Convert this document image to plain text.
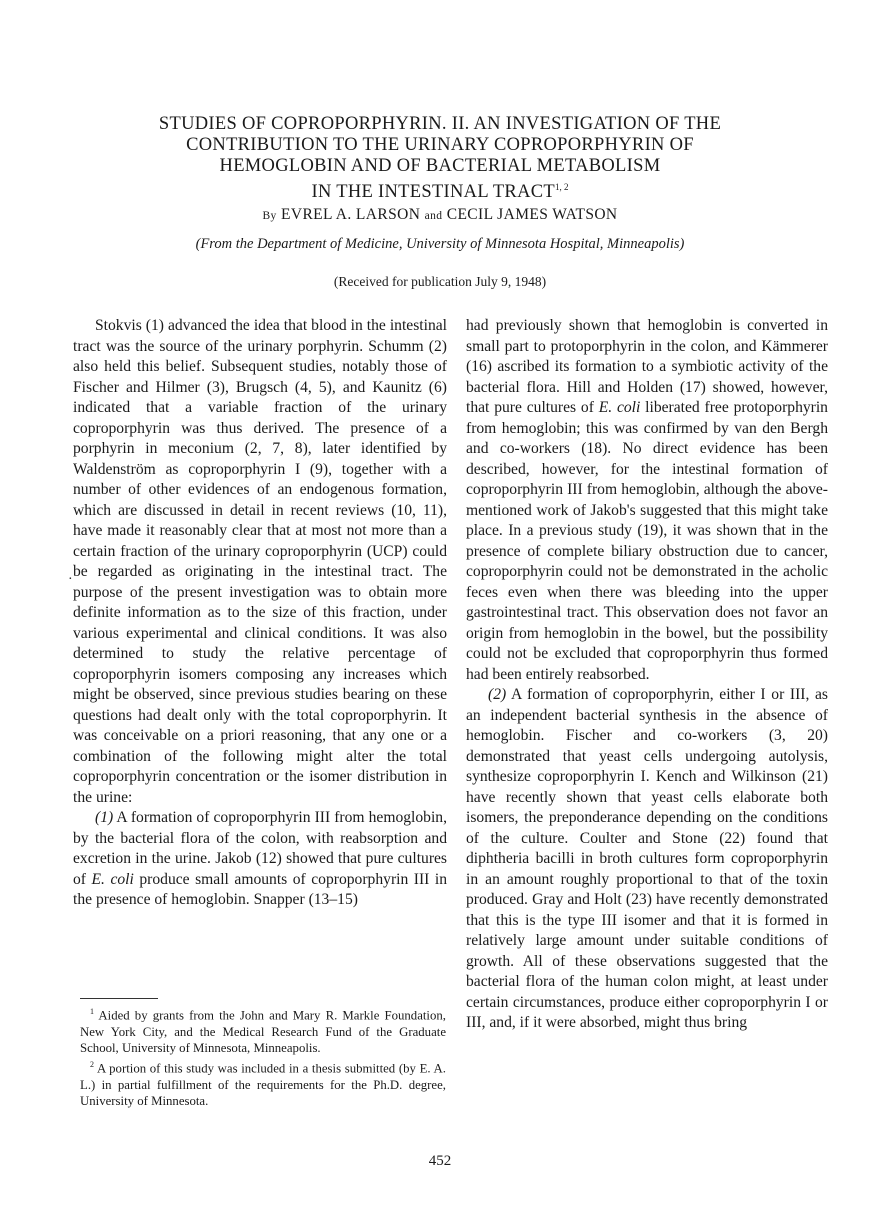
STUDIES OF COPROPORPHYRIN. II. AN INVESTIGATION OF THE
CONTRIBUTION TO THE URINARY COPROPORPHYRIN OF
HEMOGLOBIN AND OF BACTERIAL METABOLISM
IN THE INTESTINAL TRACT$^{1, 2}$
By EVREL A. LARSON and CECIL JAMES WATSON
(From the Department of Medicine, University of Minnesota Hospital, Minneapolis)
(Received for publication July 9, 1948)
·

Stokvis (1) advanced the idea that blood in the intestinal tract was the source of the urinary porphyrin. Schumm (2) also held this belief. Subsequent studies, notably those of Fischer and Hilmer (3), Brugsch (4, 5), and Kaunitz (6) indicated that a variable fraction of the urinary coproporphyrin was thus derived. The presence of a porphyrin in meconium (2, 7, 8), later identified by Waldenström as coproporphyrin I (9), together with a number of other evidences of an endogenous formation, which are discussed in detail in recent reviews (10, 11), have made it reasonably clear that at most not more than a certain fraction of the urinary coproporphyrin (UCP) could be regarded as originating in the intestinal tract. The purpose of the present investigation was to obtain more definite information as to the size of this fraction, under various experimental and clinical conditions. It was also determined to study the relative percentage of coproporphyrin isomers composing any increases which might be observed, since previous studies bearing on these questions had dealt only with the total coproporphyrin. It was conceivable on a priori reasoning, that any one or a combination of the following might alter the total coproporphyrin concentration or the isomer distribution in the urine:

(1) A formation of coproporphyrin III from hemoglobin, by the bacterial flora of the colon, with reabsorption and excretion in the urine. Jakob (12) showed that pure cultures of E. coli produce small amounts of coproporphyrin III in the presence of hemoglobin. Snapper (13–15)

$^1$ Aided by grants from the John and Mary R. Markle Foundation, New York City, and the Medical Research Fund of the Graduate School, University of Minnesota, Minneapolis.

$^2$ A portion of this study was included in a thesis submitted (by E. A. L.) in partial fulfillment of the requirements for the Ph.D. degree, University of Minnesota.

had previously shown that hemoglobin is converted in small part to protoporphyrin in the colon, and Kämmerer (16) ascribed its formation to a symbiotic activity of the bacterial flora. Hill and Holden (17) showed, however, that pure cultures of E. coli liberated free protoporphyrin from hemoglobin; this was confirmed by van den Bergh and co-workers (18). No direct evidence has been described, however, for the intestinal formation of coproporphyrin III from hemoglobin, although the above-mentioned work of Jakob's suggested that this might take place. In a previous study (19), it was shown that in the presence of complete biliary obstruction due to cancer, coproporphyrin could not be demonstrated in the acholic feces even when there was bleeding into the upper gastrointestinal tract. This observation does not favor an origin from hemoglobin in the bowel, but the possibility could not be excluded that coproporphyrin thus formed had been entirely reabsorbed.

(2) A formation of coproporphyrin, either I or III, as an independent bacterial synthesis in the absence of hemoglobin. Fischer and co-workers (3, 20) demonstrated that yeast cells undergoing autolysis, synthesize coproporphyrin I. Kench and Wilkinson (21) have recently shown that yeast cells elaborate both isomers, the preponderance depending on the conditions of the culture. Coulter and Stone (22) found that diphtheria bacilli in broth cultures form coproporphyrin in an amount roughly proportional to that of the toxin produced. Gray and Holt (23) have recently demonstrated that this is the type III isomer and that it is formed in relatively large amount under suitable conditions of growth. All of these observations suggested that the bacterial flora of the human colon might, at least under certain circumstances, produce either coproporphyrin I or III, and, if it were absorbed, might thus bring

452
